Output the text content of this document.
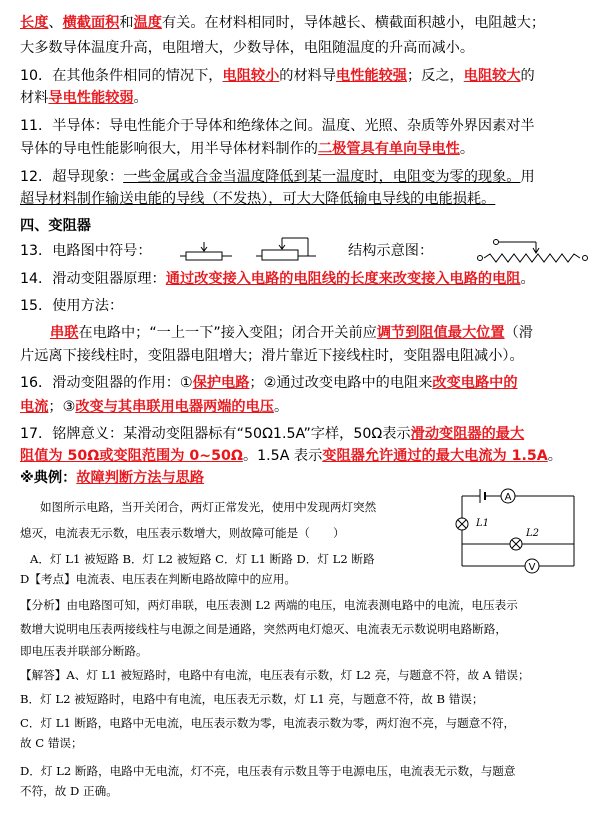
长度、横截面积和温度有关。在材料相同时，导体越长、横截面积越小，电阻越大；
大多数导体温度升高，电阻增大，少数导体，电阻随温度的升高而减小。
10．在其他条件相同的情况下，电阻较小的材料导电性能较强；反之，电阻较大的
材料导电性能较弱。
11．半导体：导电性能介于导体和绝缘体之间。温度、光照、杂质等外界因素对半
导体的导电性能影响很大，用半导体材料制作的二极管具有单向导电性。
12．超导现象：一些金属或合金当温度降低到某一温度时，电阻变为零的现象。用
超导材料制作输送电能的导线（不发热），可大大降低输电导线的电能损耗。
四、变阻器
13．电路图中符号：	结构示意图：
14．滑动变阻器原理：通过改变接入电路的电阻线的长度来改变接入电路的电阻。
15．使用方法：
串联在电路中；“一上一下”接入变阻；闭合开关前应调节到阻值最大位置（滑
片远离下接线柱时，变阻器电阻增大；滑片靠近下接线柱时，变阻器电阻减小）。
16．滑动变阻器的作用：①保护电路；②通过改变电路中的电阻来改变电路中的
电流；③改变与其串联用电器两端的电压。
17．铭牌意义：某滑动变阻器标有“50Ω1.5A”字样，50Ω表示滑动变阻器的最大
阻值为 50Ω或变阻范围为 0~50Ω。1.5A 表示变阻器允许通过的最大电流为 1.5A。
※典例：故障判断方法与思路
如图所示电路，当开关闭合，两灯正常发光，使用中发现两灯突然
熄灭，电流表无示数，电压表示数增大，则故障可能是（　　）
A．灯 L1 被短路 B．灯 L2 被短路 C．灯 L1 断路 D．灯 L2 断路
D【考点】电流表、电压表在判断电路故障中的应用。
A
L1
L2
V
【分析】由电路图可知，两灯串联，电压表测 L2 两端的电压，电流表测电路中的电流，电压表示
数增大说明电压表两接线柱与电源之间是通路，突然两电灯熄灭、电流表无示数说明电路断路，
即电压表并联部分断路。
【解答】A、灯 L1 被短路时，电路中有电流，电压表有示数，灯 L2 亮，与题意不符，故 A 错误；
B．灯 L2 被短路时，电路中有电流，电压表无示数，灯 L1 亮，与题意不符，故 B 错误；
C．灯 L1 断路，电路中无电流，电压表示数为零，电流表示数为零，两灯泡不亮，与题意不符，
故 C 错误；
D．灯 L2 断路，电路中无电流，灯不亮，电压表有示数且等于电源电压，电流表无示数，与题意
不符，故 D 正确。
